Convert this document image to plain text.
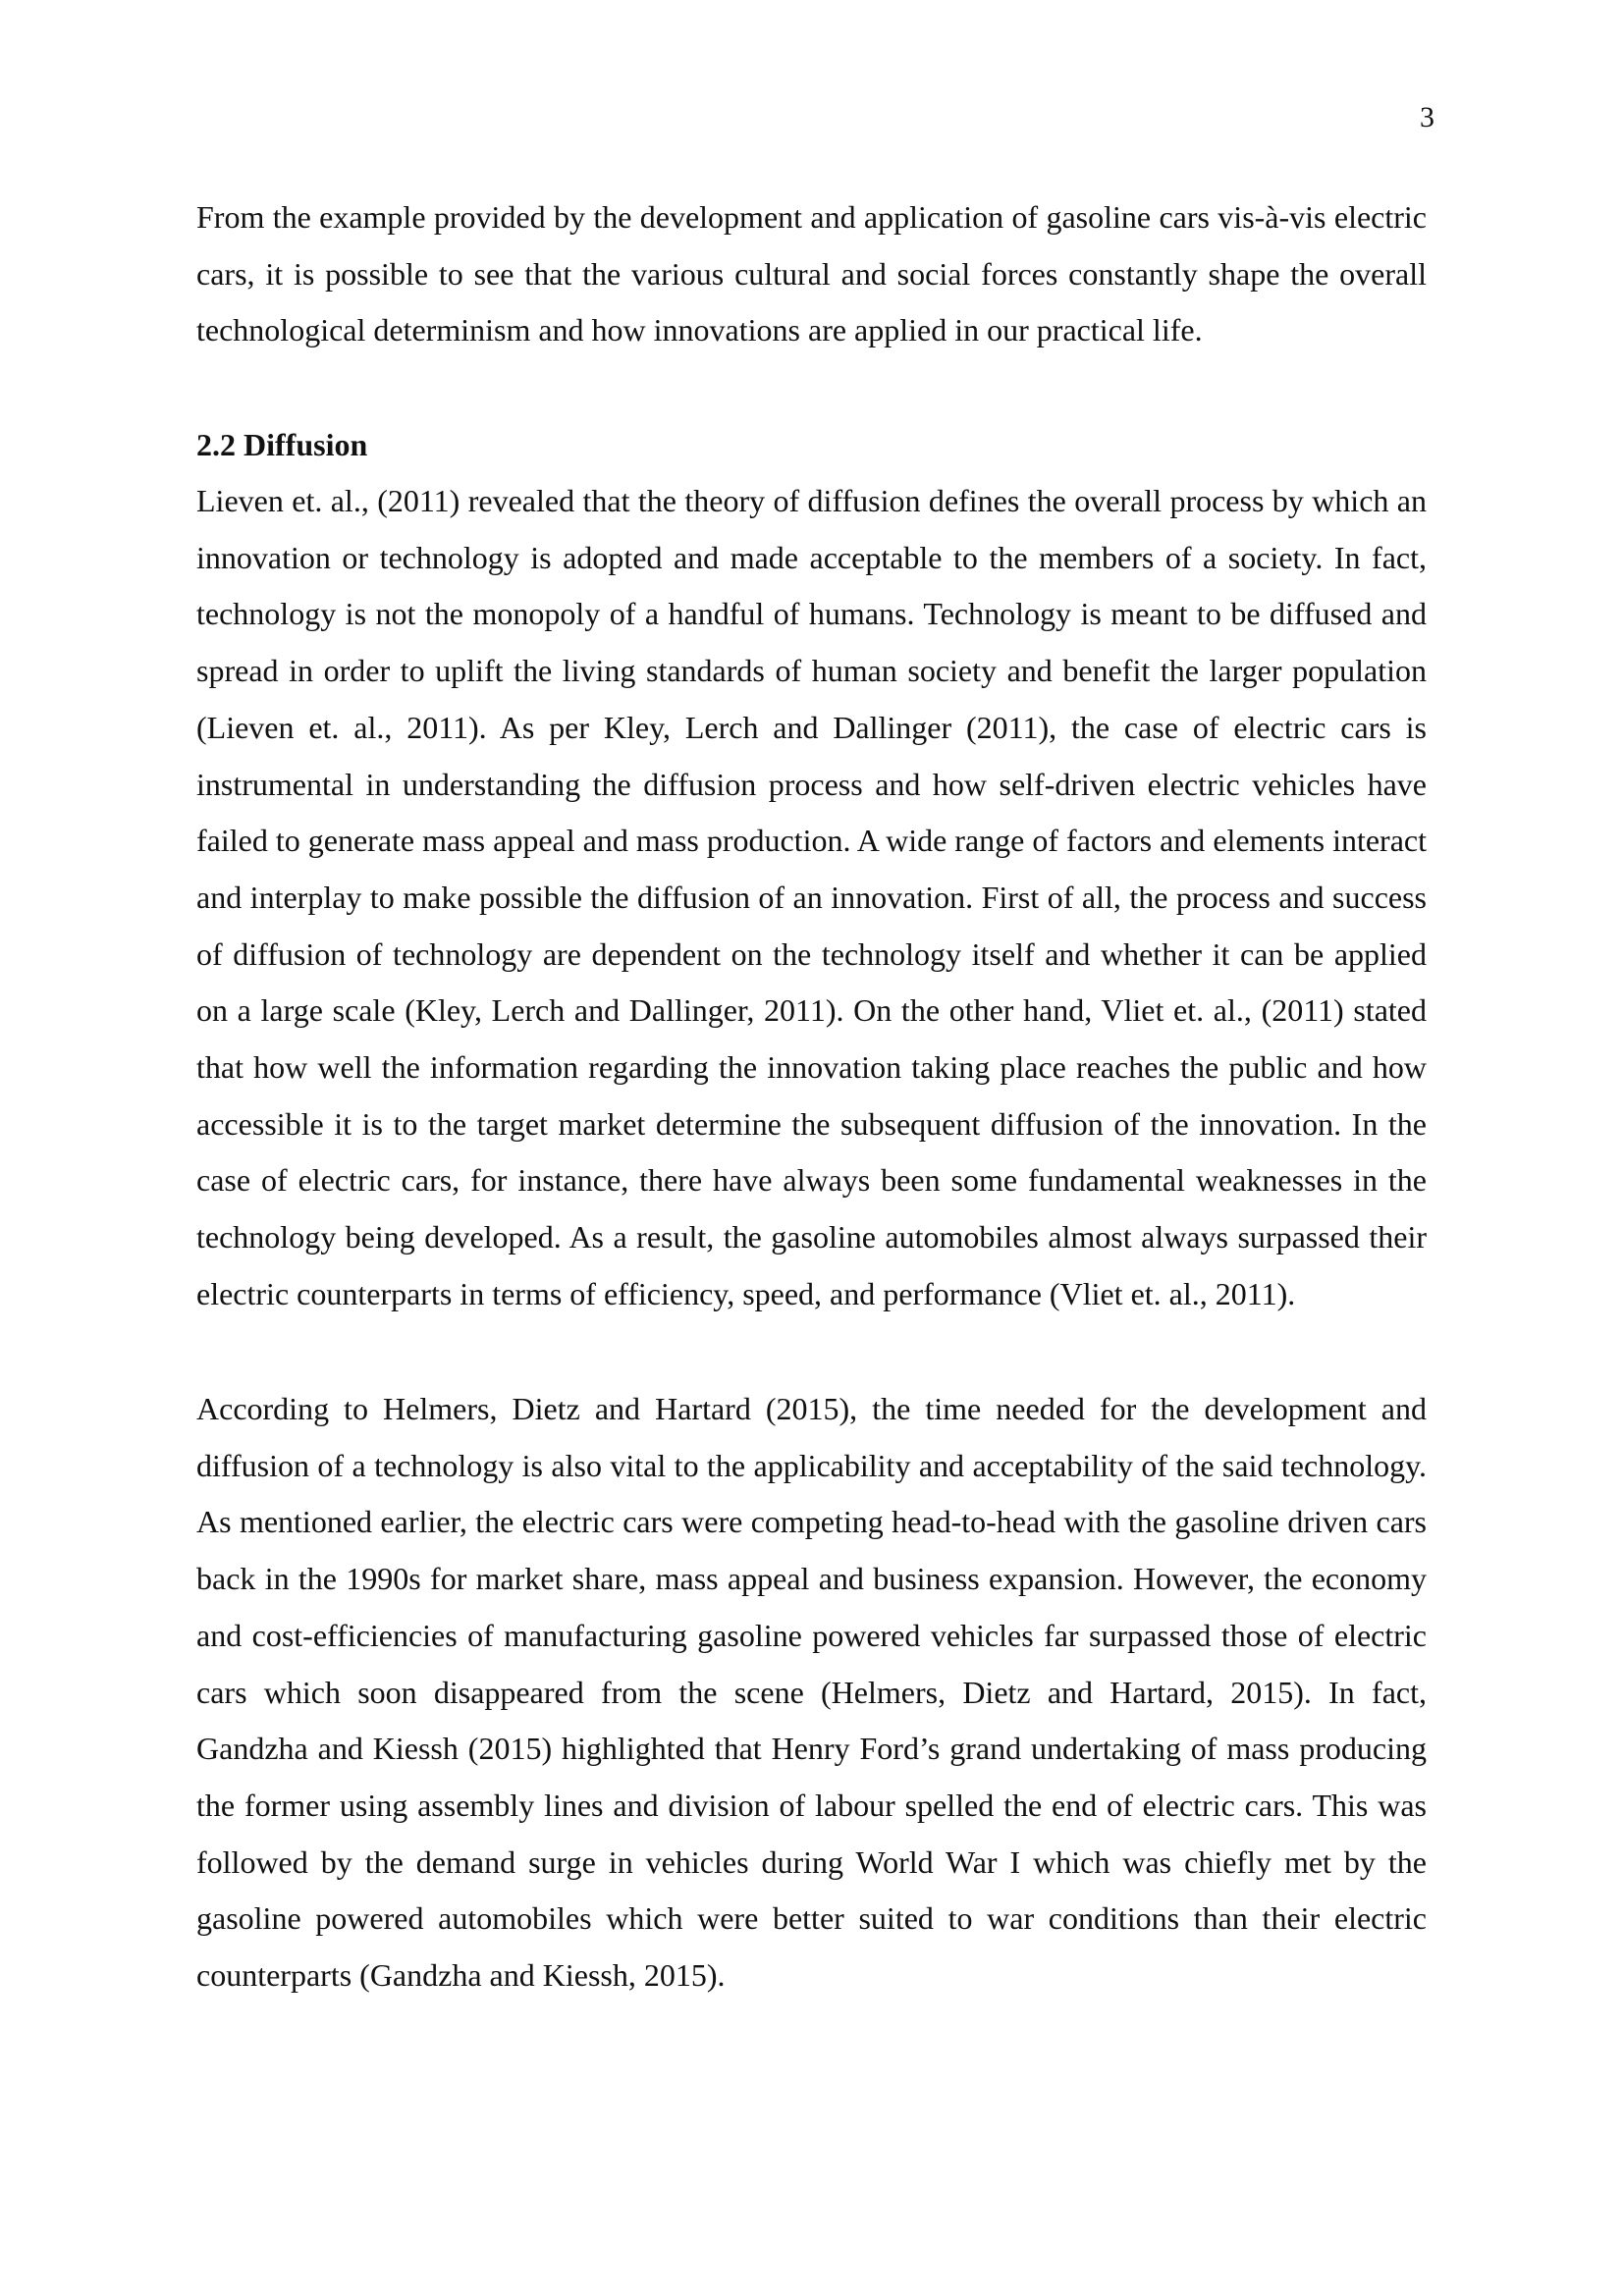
3

From the example provided by the development and application of gasoline cars vis-à-vis electric cars, it is possible to see that the various cultural and social forces constantly shape the overall technological determinism and how innovations are applied in our practical life.

2.2 Diffusion

Lieven et. al., (2011) revealed that the theory of diffusion defines the overall process by which an innovation or technology is adopted and made acceptable to the members of a society. In fact, technology is not the monopoly of a handful of humans. Technology is meant to be diffused and spread in order to uplift the living standards of human society and benefit the larger population (Lieven et. al., 2011). As per Kley, Lerch and Dallinger (2011), the case of electric cars is instrumental in understanding the diffusion process and how self-driven electric vehicles have failed to generate mass appeal and mass production. A wide range of factors and elements interact and interplay to make possible the diffusion of an innovation. First of all, the process and success of diffusion of technology are dependent on the technology itself and whether it can be applied on a large scale (Kley, Lerch and Dallinger, 2011). On the other hand, Vliet et. al., (2011) stated that how well the information regarding the innovation taking place reaches the public and how accessible it is to the target market determine the subsequent diffusion of the innovation. In the case of electric cars, for instance, there have always been some fundamental weaknesses in the technology being developed. As a result, the gasoline automobiles almost always surpassed their electric counterparts in terms of efficiency, speed, and performance (Vliet et. al., 2011).

According to Helmers, Dietz and Hartard (2015), the time needed for the development and diffusion of a technology is also vital to the applicability and acceptability of the said technology. As mentioned earlier, the electric cars were competing head-to-head with the gasoline driven cars back in the 1990s for market share, mass appeal and business expansion. However, the economy and cost-efficiencies of manufacturing gasoline powered vehicles far surpassed those of electric cars which soon disappeared from the scene (Helmers, Dietz and Hartard, 2015). In fact, Gandzha and Kiessh (2015) highlighted that Henry Ford’s grand undertaking of mass producing the former using assembly lines and division of labour spelled the end of electric cars. This was followed by the demand surge in vehicles during World War I which was chiefly met by the gasoline powered automobiles which were better suited to war conditions than their electric counterparts (Gandzha and Kiessh, 2015).
